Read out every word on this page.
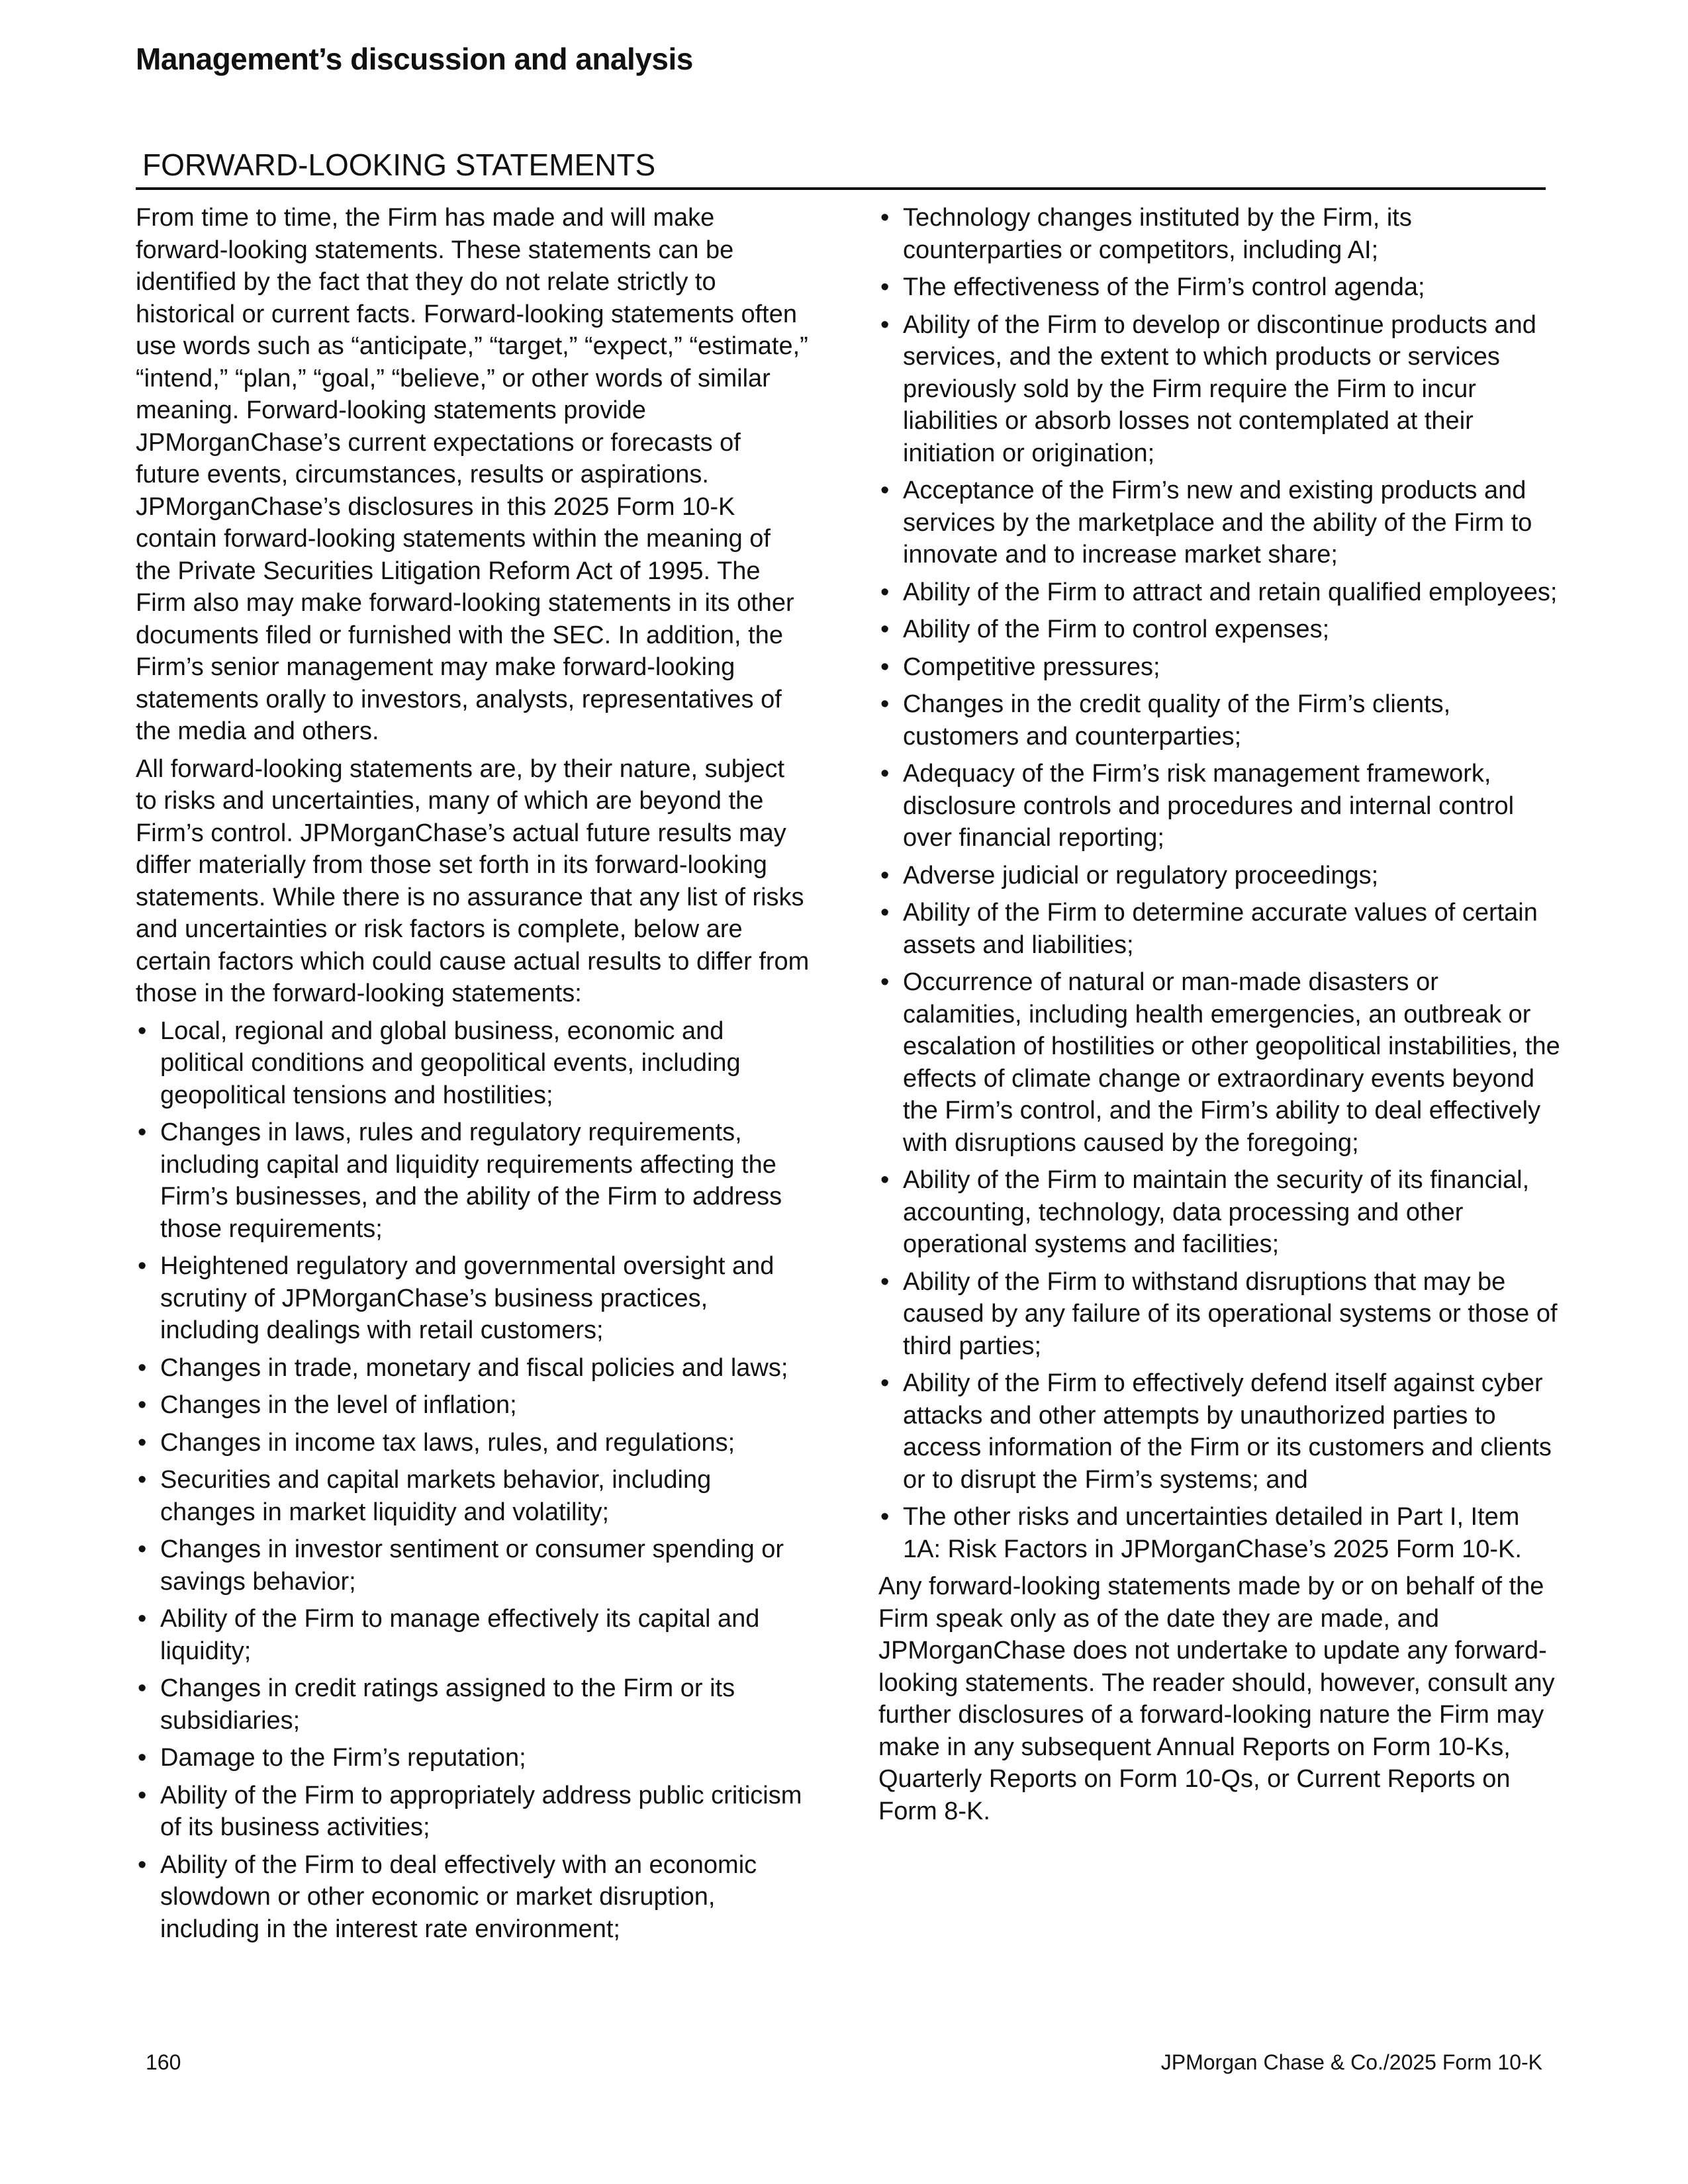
Management’s discussion and analysis
FORWARD-LOOKING STATEMENTS

From time to time, the Firm has made and will make forward-looking statements. These statements can be identified by the fact that they do not relate strictly to historical or current facts. Forward-looking statements often use words such as “anticipate,” “target,” “expect,” “estimate,” “intend,” “plan,” “goal,” “believe,” or other words of similar meaning. Forward-looking statements provide JPMorganChase’s current expectations or forecasts of future events, circumstances, results or aspirations. JPMorganChase’s disclosures in this 2025 Form 10-K contain forward-looking statements within the meaning of the Private Securities Litigation Reform Act of 1995. The Firm also may make forward-looking statements in its other documents filed or furnished with the SEC. In addition, the Firm’s senior management may make forward-looking statements orally to investors, analysts, representatives of the media and others.

All forward-looking statements are, by their nature, subject to risks and uncertainties, many of which are beyond the Firm’s control. JPMorganChase’s actual future results may differ materially from those set forth in its forward-looking statements. While there is no assurance that any list of risks and uncertainties or risk factors is complete, below are certain factors which could cause actual results to differ from those in the forward-looking statements:

• Local, regional and global business, economic and political conditions and geopolitical events, including geopolitical tensions and hostilities;
• Changes in laws, rules and regulatory requirements, including capital and liquidity requirements affecting the Firm’s businesses, and the ability of the Firm to address those requirements;
• Heightened regulatory and governmental oversight and scrutiny of JPMorganChase’s business practices, including dealings with retail customers;
• Changes in trade, monetary and fiscal policies and laws;
• Changes in the level of inflation;
• Changes in income tax laws, rules, and regulations;
• Securities and capital markets behavior, including changes in market liquidity and volatility;
• Changes in investor sentiment or consumer spending or savings behavior;
• Ability of the Firm to manage effectively its capital and liquidity;
• Changes in credit ratings assigned to the Firm or its subsidiaries;
• Damage to the Firm’s reputation;
• Ability of the Firm to appropriately address public criticism of its business activities;
• Ability of the Firm to deal effectively with an economic slowdown or other economic or market disruption, including in the interest rate environment;
• Technology changes instituted by the Firm, its counterparties or competitors, including AI;
• The effectiveness of the Firm’s control agenda;
• Ability of the Firm to develop or discontinue products and services, and the extent to which products or services previously sold by the Firm require the Firm to incur liabilities or absorb losses not contemplated at their initiation or origination;
• Acceptance of the Firm’s new and existing products and services by the marketplace and the ability of the Firm to innovate and to increase market share;
• Ability of the Firm to attract and retain qualified employees;
• Ability of the Firm to control expenses;
• Competitive pressures;
• Changes in the credit quality of the Firm’s clients, customers and counterparties;
• Adequacy of the Firm’s risk management framework, disclosure controls and procedures and internal control over financial reporting;
• Adverse judicial or regulatory proceedings;
• Ability of the Firm to determine accurate values of certain assets and liabilities;
• Occurrence of natural or man-made disasters or calamities, including health emergencies, an outbreak or escalation of hostilities or other geopolitical instabilities, the effects of climate change or extraordinary events beyond the Firm’s control, and the Firm’s ability to deal effectively with disruptions caused by the foregoing;
• Ability of the Firm to maintain the security of its financial, accounting, technology, data processing and other operational systems and facilities;
• Ability of the Firm to withstand disruptions that may be caused by any failure of its operational systems or those of third parties;
• Ability of the Firm to effectively defend itself against cyber attacks and other attempts by unauthorized parties to access information of the Firm or its customers and clients or to disrupt the Firm’s systems; and
• The other risks and uncertainties detailed in Part I, Item 1A: Risk Factors in JPMorganChase’s 2025 Form 10-K.

Any forward-looking statements made by or on behalf of the Firm speak only as of the date they are made, and JPMorganChase does not undertake to update any forward-looking statements. The reader should, however, consult any further disclosures of a forward-looking nature the Firm may make in any subsequent Annual Reports on Form 10-Ks, Quarterly Reports on Form 10-Qs, or Current Reports on Form 8-K.

160	JPMorgan Chase & Co./2025 Form 10-K
